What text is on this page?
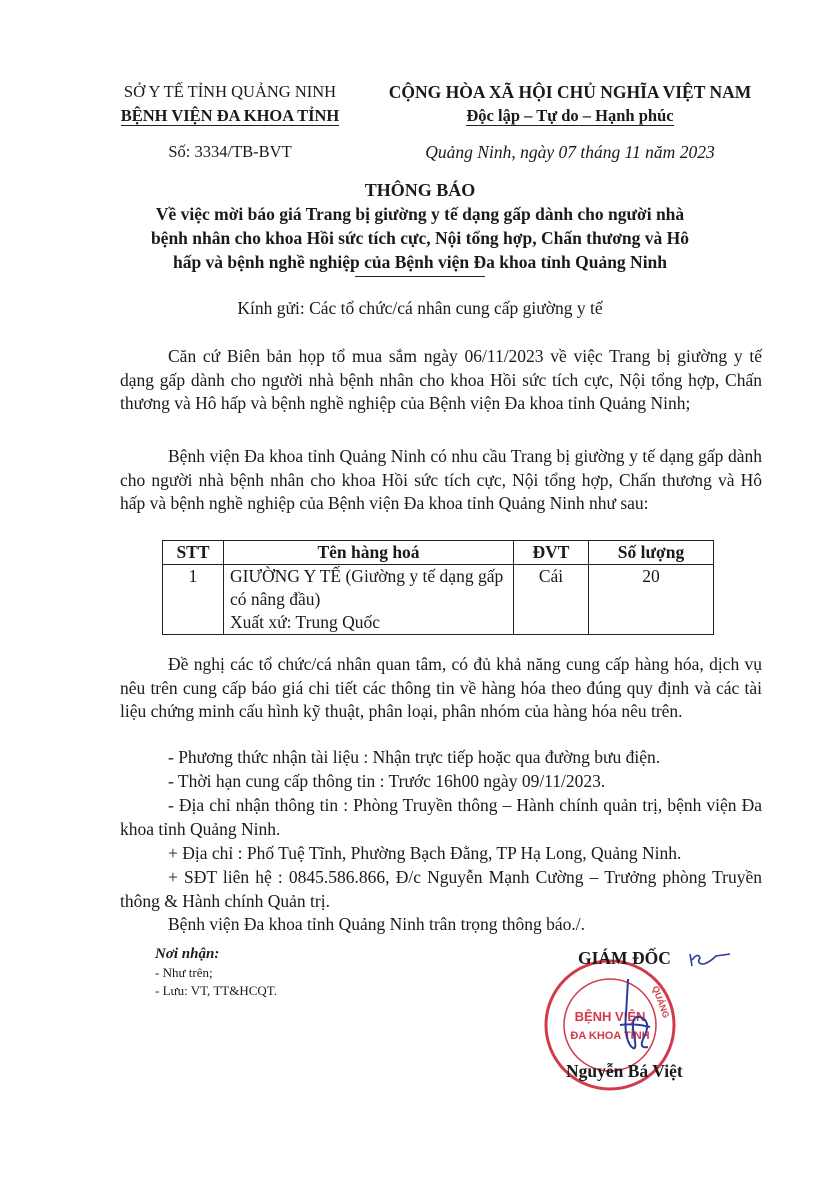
SỞ Y TẾ TỈNH QUẢNG NINH
BỆNH VIỆN ĐA KHOA TỈNH
Số: 3334/TB-BVT
CỘNG HÒA XÃ HỘI CHỦ NGHĨA VIỆT NAM
Độc lập – Tự do – Hạnh phúc
Quảng Ninh, ngày 07 tháng 11 năm 2023
THÔNG BÁO
Về việc mời báo giá Trang bị giường y tế dạng gấp dành cho người nhà
bệnh nhân cho khoa Hồi sức tích cực, Nội tổng hợp, Chấn thương và Hô
hấp và bệnh nghề nghiệp của Bệnh viện Đa khoa tỉnh Quảng Ninh
Kính gửi: Các tổ chức/cá nhân cung cấp giường y tế
Căn cứ Biên bản họp tổ mua sắm ngày 06/11/2023 về việc Trang bị giường y tế dạng gấp dành cho người nhà bệnh nhân cho khoa Hồi sức tích cực, Nội tổng hợp, Chấn thương và Hô hấp và bệnh nghề nghiệp của Bệnh viện Đa khoa tỉnh Quảng Ninh;
Bệnh viện Đa khoa tỉnh Quảng Ninh có nhu cầu Trang bị giường y tế dạng gấp dành cho người nhà bệnh nhân cho khoa Hồi sức tích cực, Nội tổng hợp, Chấn thương và Hô hấp và bệnh nghề nghiệp của Bệnh viện Đa khoa tỉnh Quảng Ninh như sau:
STT	Tên hàng hoá	ĐVT	Số lượng
1	GIƯỜNG Y TẾ (Giường y tế dạng gấp
có nâng đầu)
Xuất xứ: Trung Quốc	Cái	20
Đề nghị các tổ chức/cá nhân quan tâm, có đủ khả năng cung cấp hàng hóa, dịch vụ nêu trên cung cấp báo giá chi tiết các thông tin về hàng hóa theo đúng quy định và các tài liệu chứng minh cấu hình kỹ thuật, phân loại, phân nhóm của hàng hóa nêu trên.
- Phương thức nhận tài liệu : Nhận trực tiếp hoặc qua đường bưu điện.
- Thời hạn cung cấp thông tin : Trước 16h00 ngày 09/11/2023.
- Địa chỉ nhận thông tin : Phòng Truyền thông – Hành chính quản trị, bệnh viện Đa khoa tỉnh Quảng Ninh.
+ Địa chỉ : Phố Tuệ Tĩnh, Phường Bạch Đằng, TP Hạ Long, Quảng Ninh.
+ SĐT liên hệ : 0845.586.866, Đ/c Nguyễn Mạnh Cường – Trưởng phòng Truyền thông & Hành chính Quản trị.
Bệnh viện Đa khoa tỉnh Quảng Ninh trân trọng thông báo./.
Nơi nhận:
- Như trên;
- Lưu: VT, TT&HCQT.
BỆNH VIỆN
ĐA KHOA TỈNH
QUẢNG
GIÁM ĐỐC
Nguyễn Bá Việt
